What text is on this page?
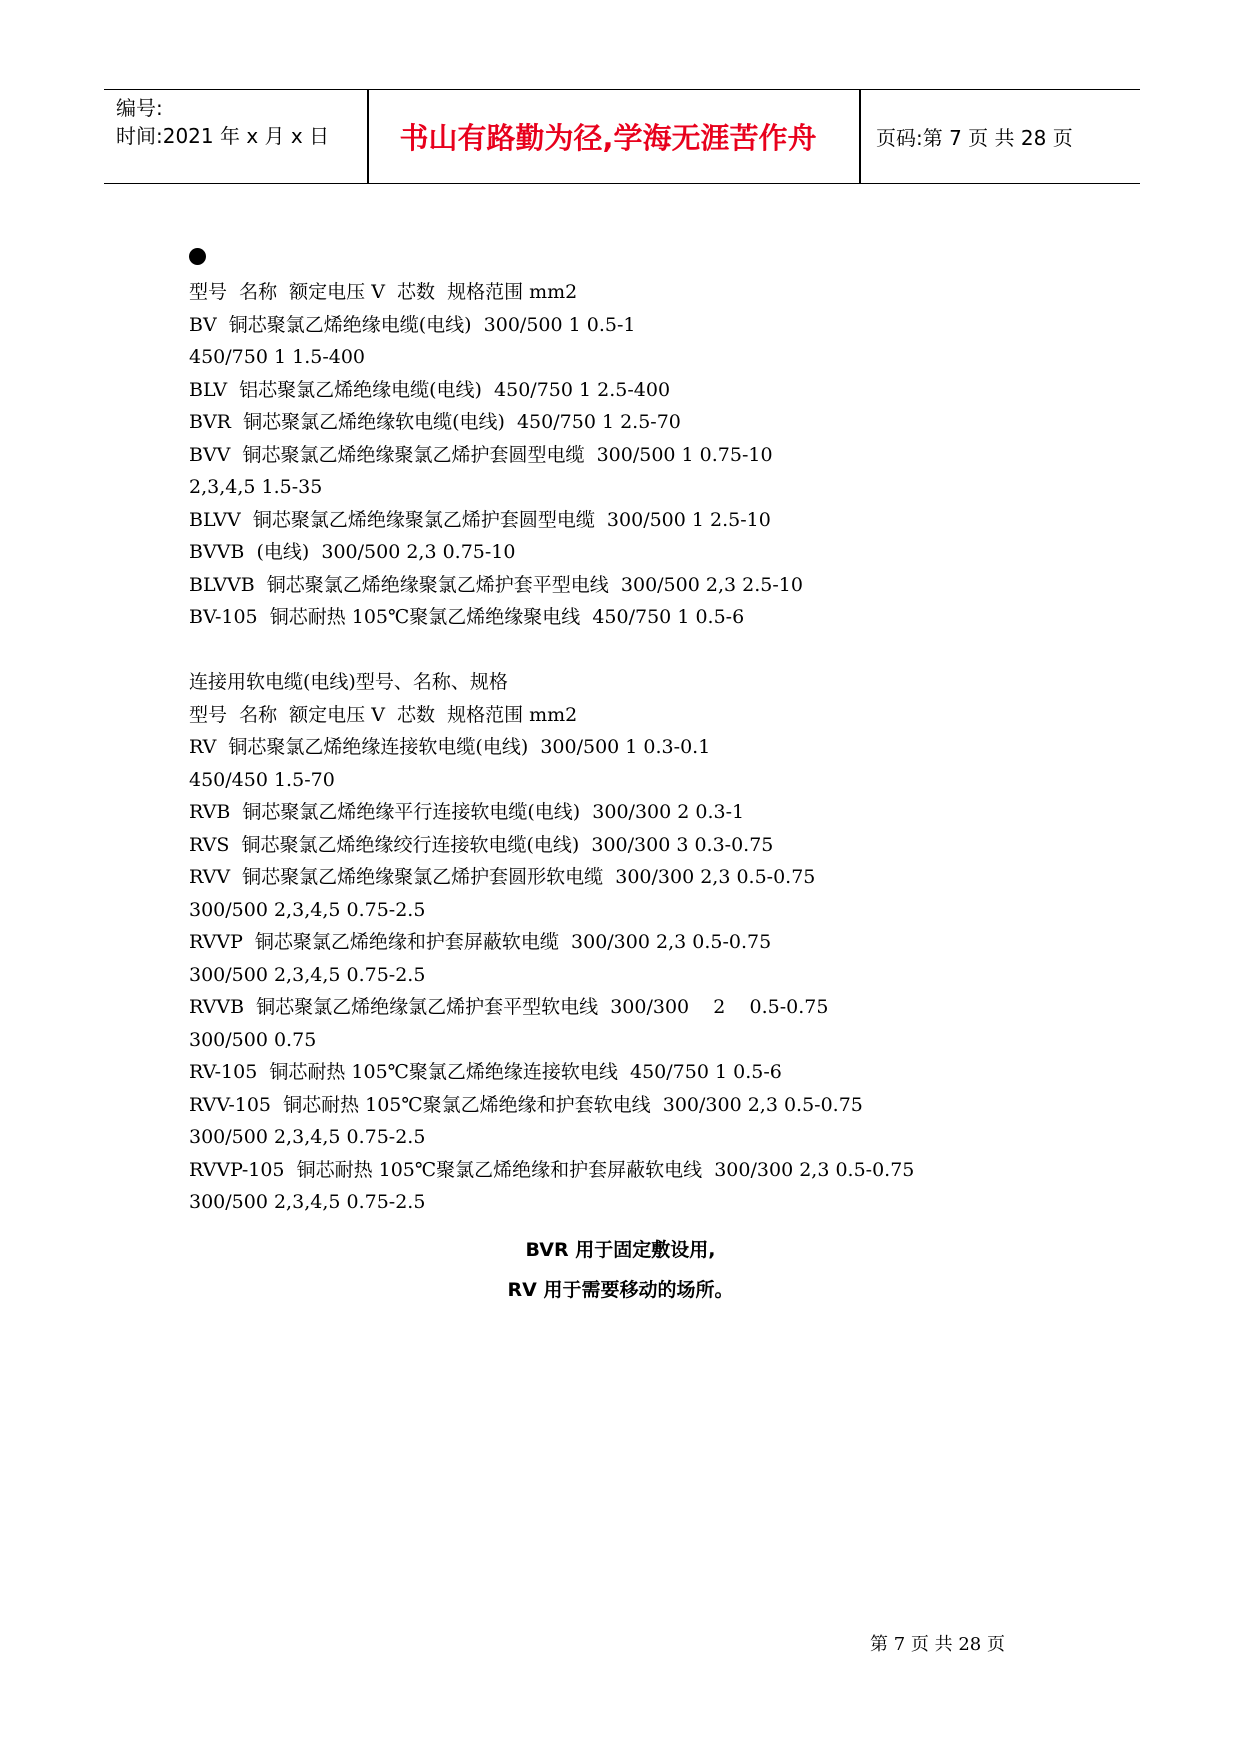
编号:
时间:2021 年 x 月 x 日	书山有路勤为径,学海无涯苦作舟	页码:第 7 页 共 28 页
型号  名称  额定电压 V  芯数  规格范围 mm2
BV  铜芯聚氯乙烯绝缘电缆(电线)  300/500 1 0.5-1
450/750 1 1.5-400
BLV  铝芯聚氯乙烯绝缘电缆(电线)  450/750 1 2.5-400
BVR  铜芯聚氯乙烯绝缘软电缆(电线)  450/750 1 2.5-70
BVV  铜芯聚氯乙烯绝缘聚氯乙烯护套圆型电缆  300/500 1 0.75-10
2,3,4,5 1.5-35
BLVV  铜芯聚氯乙烯绝缘聚氯乙烯护套圆型电缆  300/500 1 2.5-10
BVVB  (电线)  300/500 2,3 0.75-10
BLVVB  铜芯聚氯乙烯绝缘聚氯乙烯护套平型电线  300/500 2,3 2.5-10
BV-105  铜芯耐热 105℃聚氯乙烯绝缘聚电线  450/750 1 0.5-6
连接用软电缆(电线)型号、名称、规格
型号  名称  额定电压 V  芯数  规格范围 mm2
RV  铜芯聚氯乙烯绝缘连接软电缆(电线)  300/500 1 0.3-0.1
450/450 1.5-70
RVB  铜芯聚氯乙烯绝缘平行连接软电缆(电线)  300/300 2 0.3-1
RVS  铜芯聚氯乙烯绝缘绞行连接软电缆(电线)  300/300 3 0.3-0.75
RVV  铜芯聚氯乙烯绝缘聚氯乙烯护套圆形软电缆  300/300 2,3 0.5-0.75
300/500 2,3,4,5 0.75-2.5
RVVP  铜芯聚氯乙烯绝缘和护套屏蔽软电缆  300/300 2,3 0.5-0.75
300/500 2,3,4,5 0.75-2.5
RVVB  铜芯聚氯乙烯绝缘氯乙烯护套平型软电线  300/300    2    0.5-0.75
300/500 0.75
RV-105  铜芯耐热 105℃聚氯乙烯绝缘连接软电线  450/750 1 0.5-6
RVV-105  铜芯耐热 105℃聚氯乙烯绝缘和护套软电线  300/300 2,3 0.5-0.75
300/500 2,3,4,5 0.75-2.5
RVVP-105  铜芯耐热 105℃聚氯乙烯绝缘和护套屏蔽软电线  300/300 2,3 0.5-0.75
300/500 2,3,4,5 0.75-2.5
BVR 用于固定敷设用,
RV 用于需要移动的场所。
第 7 页 共 28 页
